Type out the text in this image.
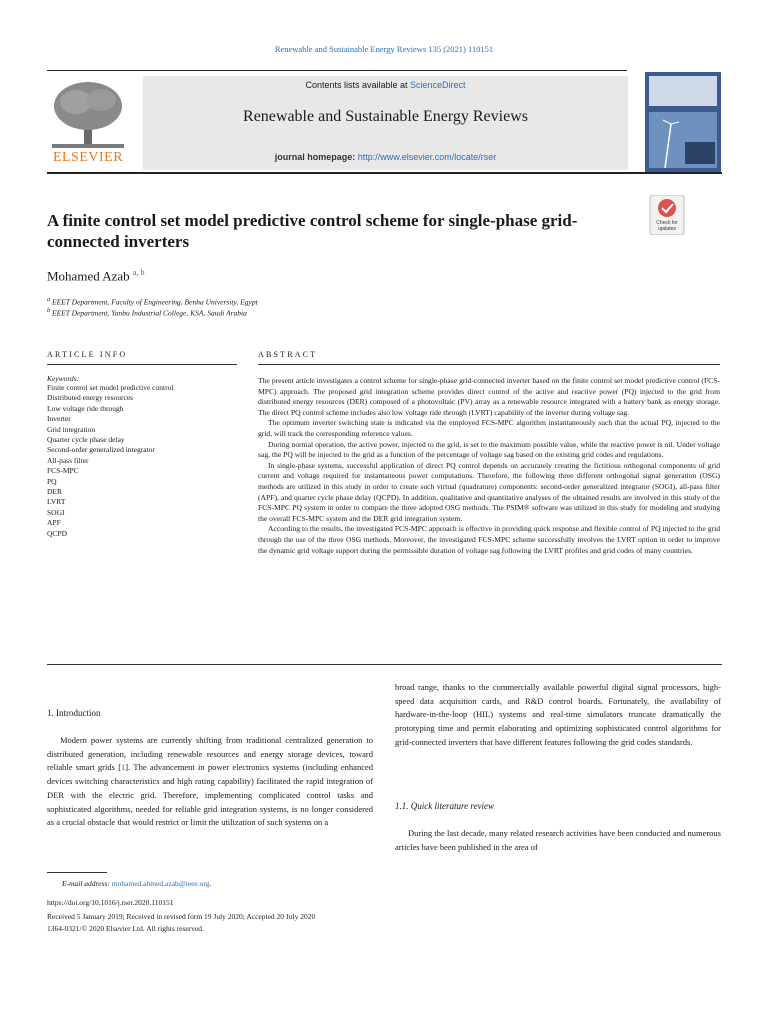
Renewable and Sustainable Energy Reviews 135 (2021) 110151
ELSEVIER
Contents lists available at ScienceDirect
Renewable and Sustainable Energy Reviews
journal homepage: http://www.elsevier.com/locate/rser
A finite control set model predictive control scheme for single-phase grid-connected inverters
Check for updates
Mohamed Azab $^{a, b}$
$^a$ EEET Department, Faculty of Engineering, Benha University, Egypt
$^b$ EEET Department, Yanbu Industrial College, KSA, Saudi Arabia
ARTICLE INFO	ABSTRACT
Keywords:
Finite control set model predictive control
Distributed energy resources
Low voltage ride through
Inverter
Grid integration
Quarter cycle phase delay
Second-order generalized integrator
All-pass filter
FCS-MPC
PQ
DER
LVRT
SOGI
APF
QCPD

The present article investigates a control scheme for single-phase grid-connected inverter based on the finite control set model predictive control (FCS-MPC) approach. The proposed grid integration scheme provides direct control of the active and reactive power (PQ) injected to the grid from distributed energy resources (DER) composed of a photovoltaic (PV) array as a renewable resource integrated with a battery bank as energy storage. The direct PQ control scheme includes also low voltage ride through (LVRT) capability of the inverter during voltage sag.

The optimum inverter switching state is indicated via the employed FCS-MPC algorithm instantaneously such that the actual PQ, injected to the grid, will track the corresponding reference values.

During normal operation, the active power, injected to the grid, is set to the maximum possible value, while the reactive power is nil. Under voltage sag, the PQ will be injected to the grid as a function of the percentage of voltage sag based on the existing grid codes and regulations.

In single-phase systems, successful application of direct PQ control depends on accurately creating the fictitious orthogonal components of grid current and voltage required for instantaneous power computations. Therefore, the following three different orthogonal signal generation (OSG) methods are utilized in this study in order to create such virtual (quadrature) components: second-order generalized integrator (SOGI), all-pass filter (APF), and quarter cycle phase delay (QCPD). In addition, qualitative and quantitative analyses of the obtained results are involved in this study of the FCS-MPC PQ system in order to compare the three adopted OSG methods. The PSIM® software was utilized in this study for modeling and studying the overall FCS-MPC system and the DER grid integration system.

According to the results, the investigated FCS-MPC approach is effective in providing quick response and flexible control of PQ injected to the grid through the use of the three OSG methods. Moreover, the investigated FCS-MPC scheme successfully involves the LVRT option in order to improve the dynamic grid voltage support during the permissible duration of voltage sag following the LVRT profiles and grid codes of many countries.

1. Introduction

Modern power systems are currently shifting from traditional centralized generation to distributed generation, including renewable resources and energy storage devices, toward reliable smart grids [1]. The advancement in power electronics systems (including enhanced devices switching characteristics and high rating capability) facilitated the rapid integration of DER with the electric grid. Therefore, implementing complicated control tasks and sophisticated algorithms, needed for reliable grid integration systems, is no longer considered as a crucial obstacle that would restrict or limit the utilization of such systems on a

broad range, thanks to the commercially available powerful digital signal processors, high-speed data acquisition cards, and R&D control boards. Fortunately, the availability of hardware-in-the-loop (HIL) systems and real-time simulators truncate dramatically the prototyping time and permit elaborating and optimizing sophisticated control algorithms for grid-connected inverters that have different features following the grid codes standards.

1.1. Quick literature review

During the last decade, many related research activities have been conducted and numerous articles have been published in the area of

E-mail address: mohamed.ahmed.azab@ieee.org.
https://doi.org/10.1016/j.rser.2020.110151
Received 5 January 2019; Received in revised form 19 July 2020; Accepted 20 July 2020
1364-0321/© 2020 Elsevier Ltd. All rights reserved.
